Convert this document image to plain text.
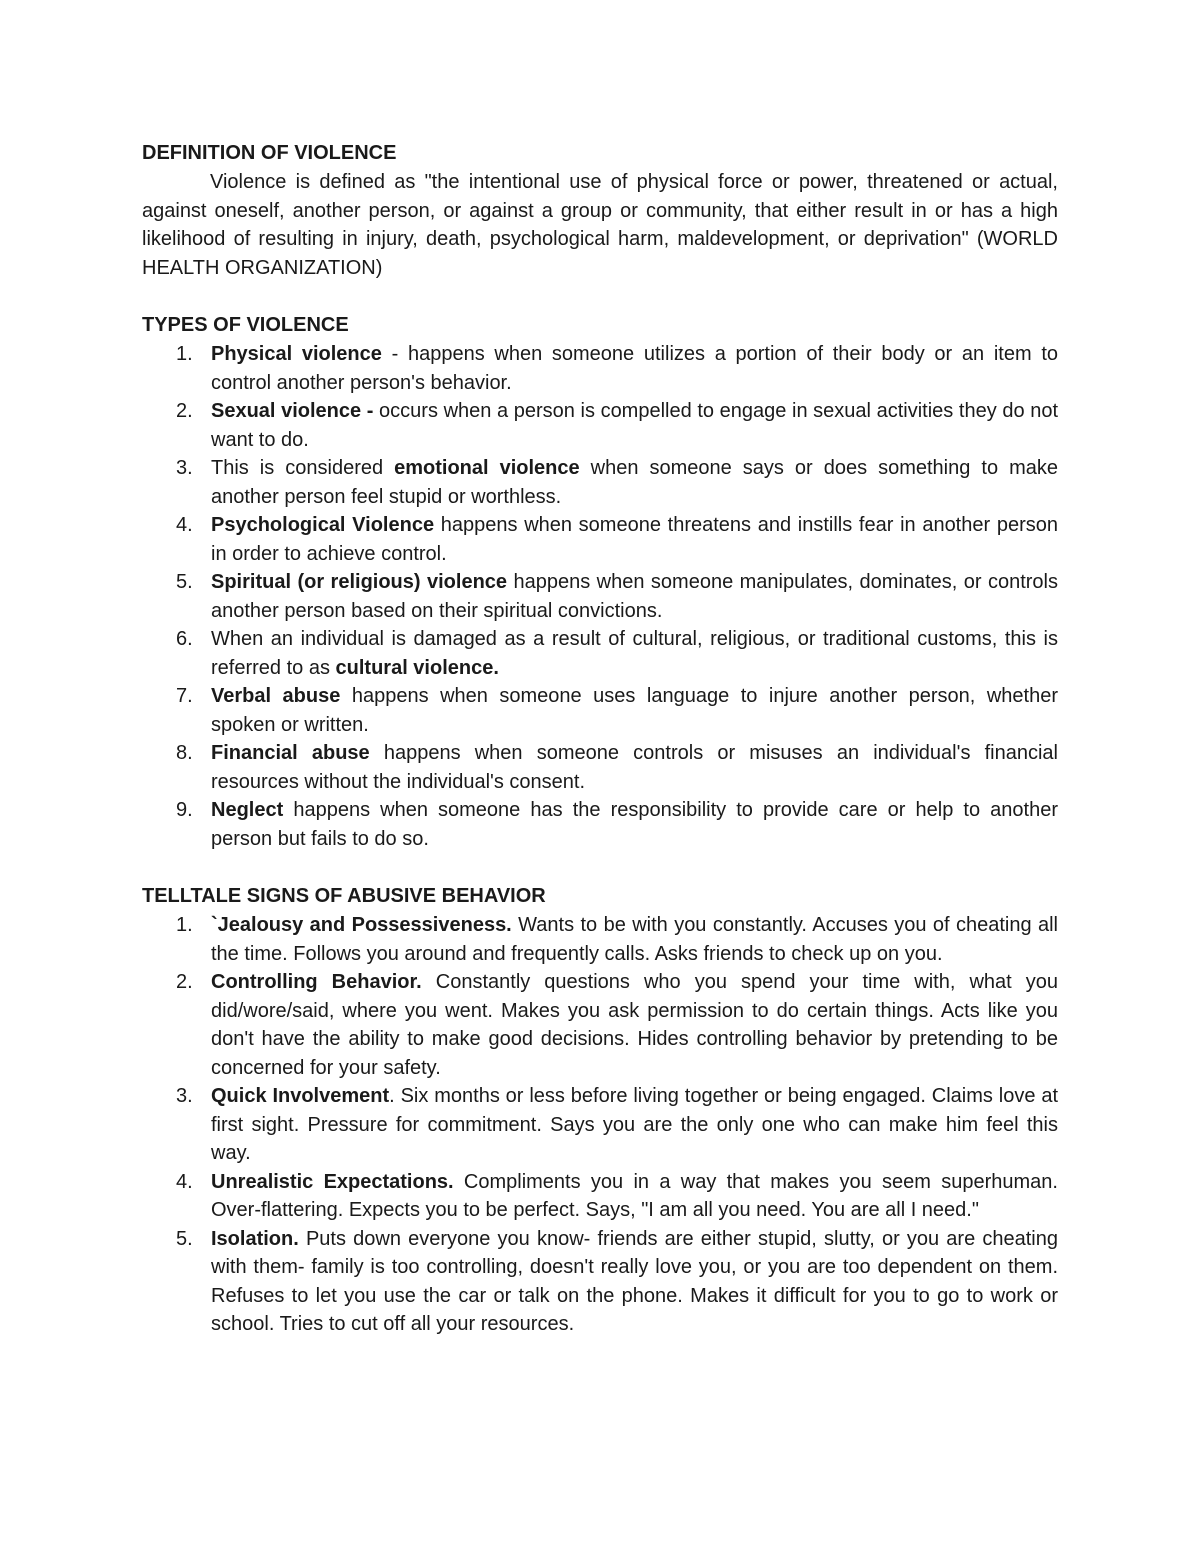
DEFINITION OF VIOLENCE

Violence is defined as "the intentional use of physical force or power, threatened or actual, against oneself, another person, or against a group or community, that either result in or has a high likelihood of resulting in injury, death, psychological harm, maldevelopment, or deprivation" (WORLD HEALTH ORGANIZATION)

TYPES OF VIOLENCE
1. Physical violence - happens when someone utilizes a portion of their body or an item to control another person's behavior.
2. Sexual violence - occurs when a person is compelled to engage in sexual activities they do not want to do.
3. This is considered emotional violence when someone says or does something to make another person feel stupid or worthless.
4. Psychological Violence happens when someone threatens and instills fear in another person in order to achieve control.
5. Spiritual (or religious) violence happens when someone manipulates, dominates, or controls another person based on their spiritual convictions.
6. When an individual is damaged as a result of cultural, religious, or traditional customs, this is referred to as cultural violence.
7. Verbal abuse happens when someone uses language to injure another person, whether spoken or written.
8. Financial abuse happens when someone controls or misuses an individual's financial resources without the individual's consent.
9. Neglect happens when someone has the responsibility to provide care or help to another person but fails to do so.
TELLTALE SIGNS OF ABUSIVE BEHAVIOR
1. `Jealousy and Possessiveness. Wants to be with you constantly. Accuses you of cheating all the time. Follows you around and frequently calls. Asks friends to check up on you.
2. Controlling Behavior. Constantly questions who you spend your time with, what you did/wore/said, where you went. Makes you ask permission to do certain things. Acts like you don't have the ability to make good decisions. Hides controlling behavior by pretending to be concerned for your safety.
3. Quick Involvement. Six months or less before living together or being engaged. Claims love at first sight. Pressure for commitment. Says you are the only one who can make him feel this way.
4. Unrealistic Expectations. Compliments you in a way that makes you seem superhuman. Over-flattering. Expects you to be perfect. Says, "I am all you need. You are all I need."
5. Isolation. Puts down everyone you know- friends are either stupid, slutty, or you are cheating with them- family is too controlling, doesn't really love you, or you are too dependent on them. Refuses to let you use the car or talk on the phone. Makes it difficult for you to go to work or school. Tries to cut off all your resources.
